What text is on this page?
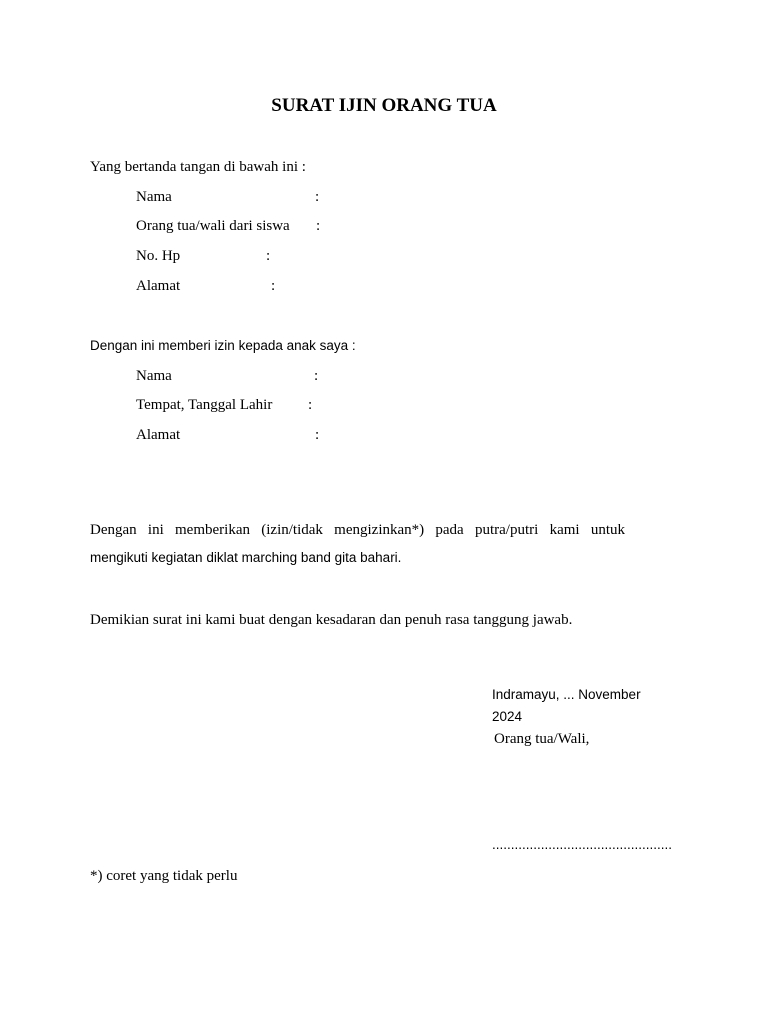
SURAT IJIN ORANG TUA
Yang bertanda tangan di bawah ini :
Nama	:
Orang tua/wali dari siswa :
No. Hp	:
Alamat	:
Dengan ini memberi izin kepada anak saya :
Nama	:
Tempat, Tanggal Lahir :
Alamat	:
Dengan ini memberikan (izin/tidak mengizinkan*) pada putra/putri kami untuk
mengikuti kegiatan diklat marching band gita bahari.
Demikian surat ini kami buat dengan kesadaran dan penuh rasa tanggung jawab.
Indramayu, ... November
2024
Orang tua/Wali,
................................................
*) coret yang tidak perlu
